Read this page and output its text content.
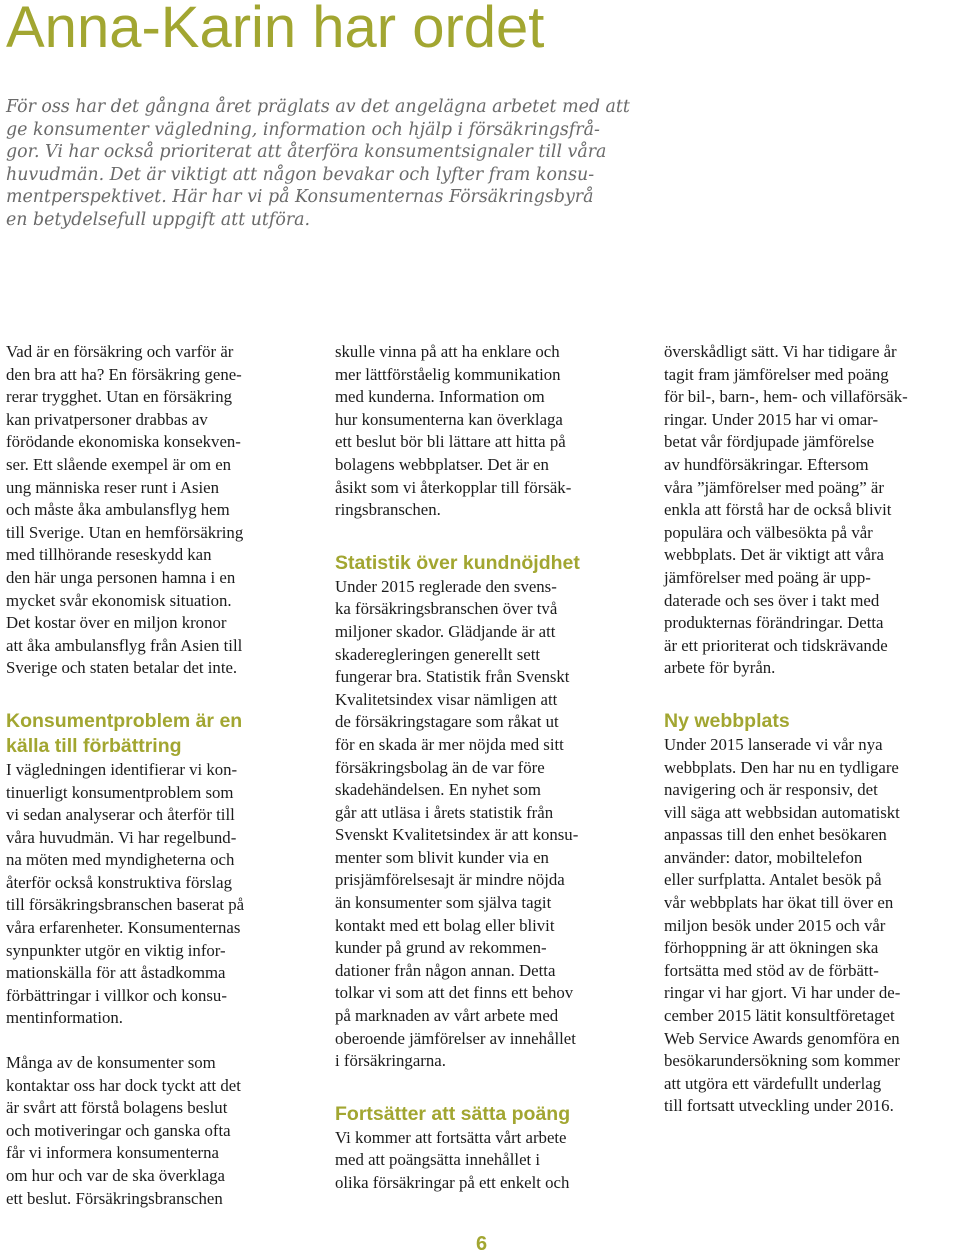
Anna-Karin har ordet
För oss har det gångna året präglats av det angelägna arbetet med att
ge konsumenter vägledning, information och hjälp i försäkringsfrå-
gor. Vi har också prioriterat att återföra konsumentsignaler till våra
huvudmän. Det är viktigt att någon bevakar och lyfter fram konsu-
mentperspektivet. Här har vi på Konsumenternas Försäkringsbyrå
en betydelsefull uppgift att utföra.
Vad är en försäkring och varför är
den bra att ha? En försäkring gene-
rerar trygghet. Utan en försäkring
kan privatpersoner drabbas av
förödande ekonomiska konsekven-
ser. Ett slående exempel är om en
ung människa reser runt i Asien
och måste åka ambulansflyg hem
till Sverige. Utan en hemförsäkring
med tillhörande reseskydd kan
den här unga personen hamna i en
mycket svår ekonomisk situation.
Det kostar över en miljon kronor
att åka ambulansflyg från Asien till
Sverige och staten betalar det inte.
Konsumentproblem är en
källa till förbättring
I vägledningen identifierar vi kon-
tinuerligt konsumentproblem som
vi sedan analyserar och återför till
våra huvudmän. Vi har regelbund-
na möten med myndigheterna och
återför också konstruktiva förslag
till försäkringsbranschen baserat på
våra erfarenheter. Konsumenternas
synpunkter utgör en viktig infor-
mationskälla för att åstadkomma
förbättringar i villkor och konsu-
mentinformation.
Många av de konsumenter som
kontaktar oss har dock tyckt att det
är svårt att förstå bolagens beslut
och motiveringar och ganska ofta
får vi informera konsumenterna
om hur och var de ska överklaga
ett beslut. Försäkringsbranschen
skulle vinna på att ha enklare och
mer lättförståelig kommunikation
med kunderna. Information om
hur konsumenterna kan överklaga
ett beslut bör bli lättare att hitta på
bolagens webbplatser. Det är en
åsikt som vi återkopplar till försäk-
ringsbranschen.
Statistik över kundnöjdhet
Under 2015 reglerade den svens-
ka försäkringsbranschen över två
miljoner skador. Glädjande är att
skaderegleringen generellt sett
fungerar bra. Statistik från Svenskt
Kvalitetsindex visar nämligen att
de försäkringstagare som råkat ut
för en skada är mer nöjda med sitt
försäkringsbolag än de var före
skadehändelsen. En nyhet som
går att utläsa i årets statistik från
Svenskt Kvalitetsindex är att konsu-
menter som blivit kunder via en
prisjämförelsesajt är mindre nöjda
än konsumenter som själva tagit
kontakt med ett bolag eller blivit
kunder på grund av rekommen-
dationer från någon annan. Detta
tolkar vi som att det finns ett behov
på marknaden av vårt arbete med
oberoende jämförelser av innehållet
i försäkringarna.
Fortsätter att sätta poäng
Vi kommer att fortsätta vårt arbete
med att poängsätta innehållet i
olika försäkringar på ett enkelt och
överskådligt sätt. Vi har tidigare år
tagit fram jämförelser med poäng
för bil-, barn-, hem- och villaförsäk-
ringar. Under 2015 har vi omar-
betat vår fördjupade jämförelse
av hundförsäkringar. Eftersom
våra ”jämförelser med poäng” är
enkla att förstå har de också blivit
populära och välbesökta på vår
webbplats. Det är viktigt att våra
jämförelser med poäng är upp-
daterade och ses över i takt med
produkternas förändringar. Detta
är ett prioriterat och tidskrävande
arbete för byrån.
Ny webbplats
Under 2015 lanserade vi vår nya
webbplats. Den har nu en tydligare
navigering och är responsiv, det
vill säga att webbsidan automatiskt
anpassas till den enhet besökaren
använder: dator, mobiltelefon
eller surfplatta. Antalet besök på
vår webbplats har ökat till över en
miljon besök under 2015 och vår
förhoppning är att ökningen ska
fortsätta med stöd av de förbätt-
ringar vi har gjort. Vi har under de-
cember 2015 lätit konsultföretaget
Web Service Awards genomföra en
besökarundersökning som kommer
att utgöra ett värdefullt underlag
till fortsatt utveckling under 2016.
6
